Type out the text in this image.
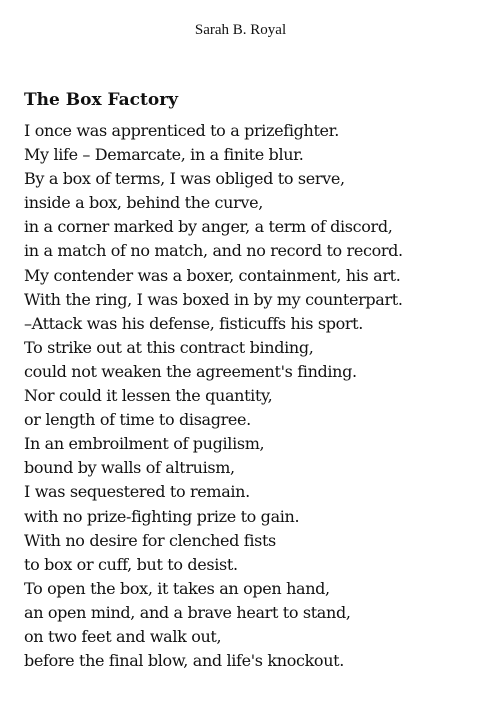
Sarah B. Royal
The Box Factory
I once was apprenticed to a prizefighter.
My life – Demarcate, in a finite blur.
By a box of terms, I was obliged to serve,
inside a box, behind the curve,
in a corner marked by anger, a term of discord,
in a match of no match, and no record to record.
My contender was a boxer, containment, his art.
With the ring, I was boxed in by my counterpart.
–Attack was his defense, fisticuffs his sport.
To strike out at this contract binding,
could not weaken the agreement's finding.
Nor could it lessen the quantity,
or length of time to disagree.
In an embroilment of pugilism,
bound by walls of altruism,
I was sequestered to remain.
with no prize-fighting prize to gain.
With no desire for clenched fists
to box or cuff, but to desist.
To open the box, it takes an open hand,
an open mind, and a brave heart to stand,
on two feet and walk out,
before the final blow, and life's knockout.
